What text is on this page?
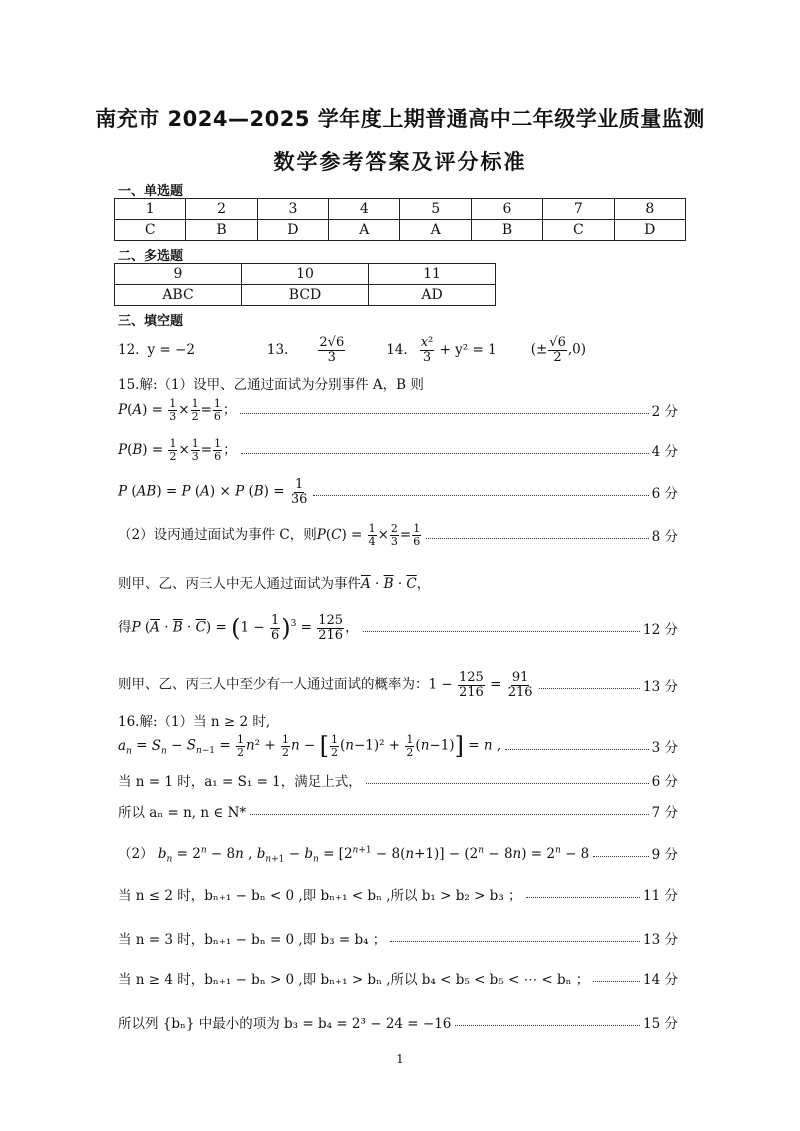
南充市 2024—2025 学年度上期普通高中二年级学业质量监测
数学参考答案及评分标准
一、单选题
1	2	3	4	5	6	7	8
C	B	D	A	A	B	C	D
二、多选题
9	10	11
ABC	BCD	AD
三、填空题
12. y = −2	13. $\frac{2√6}{3}$	14. $\frac{\text{x²}}{3} + y^2 = 1$	(± $\frac{√6}{2} ,0$)
15.解:（1）设甲、乙通过面试为分别事件 A，B 则
$P(A) = \frac{1}{3} \times \frac{1}{2} = \frac{1}{6}$ ；	2 分
$P(B) = \frac{1}{2} \times \frac{1}{3} = \frac{1}{6}$ ；	4 分
P (AB) = P (A) × P $(B) = \frac{1}{36}$	6 分
（2）设丙通过面试为事件 C，则$P(C) = \frac{1}{4} \times \frac{2}{3} = \frac{1}{6}$	8 分
则甲、乙、丙三人中无人通过面试为事件$\overline{A} \cdot \overline{B} \cdot \overline{C}$，
得P $(\overline{A} \cdot \overline{B} \cdot \overline{C}) = (1 - \frac{1}{6} )^3 = \frac{125}{216}$ ，	12 分
则甲、乙、丙三人中至少有一人通过面试的概率为：$1 - \frac{125}{216} = \frac{91}{216}$	13 分
16.解:（1）当 n ≥ 2 时,
$a_n = S_n - S_{n-1} = \frac{1}{2} n^2 + \frac{1}{2}$ n − [ $\frac{1}{2} (n-1)^2 + \frac{1}{2} (n-1)] = n$ ,	3 分
当 n = 1 时，a₁ = S₁ = 1，满足上式，	6 分
所以 aₙ = n, n ∈ N*	7 分
（2） $b_n = 2^n - 8n$ , $b_{n+1} - b_n = [2^{n+1} - 8(n+1)] - (2^n - 8n) = 2^n - 8$	9 分
当 n ≤ 2 时，bₙ₊₁ − bₙ < 0 ,即 bₙ₊₁ < bₙ ,所以 b₁ > b₂ > b₃ ；	11 分
当 n = 3 时，bₙ₊₁ − bₙ = 0 ,即 b₃ = b₄ ；	13 分
当 n ≥ 4 时，bₙ₊₁ − bₙ > 0 ,即 bₙ₊₁ > bₙ ,所以 b₄ < b₅ < b₅ < ⋯ < bₙ ；	14 分
所以列 {bₙ} 中最小的项为 b₃ = b₄ = 2³ − 24 = −16	15 分
1
